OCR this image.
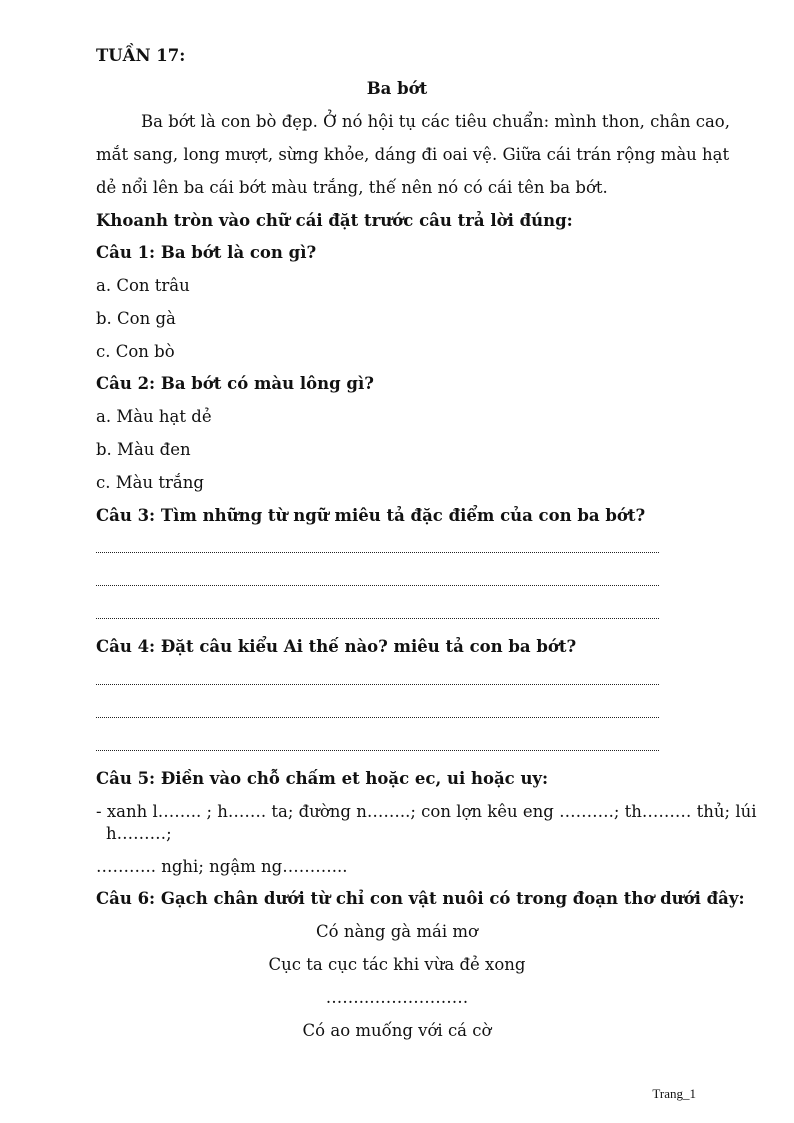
TUẦN 17:
Ba bớt
Ba bớt là con bò đẹp. Ở nó hội tụ các tiêu chuẩn: mình thon, chân cao,
mắt sang, long mượt, sừng khỏe, dáng đi oai vệ. Giữa cái trán rộng màu hạt
dẻ nổi lên ba cái bớt màu trắng, thế nên nó có cái tên ba bớt.
Khoanh tròn vào chữ cái đặt trước câu trả lời đúng:
Câu 1: Ba bớt là con gì?
a. Con trâu
b. Con gà
c. Con bò
Câu 2: Ba bớt có màu lông gì?
a. Màu hạt dẻ
b. Màu đen
c. Màu trắng
Câu 3: Tìm những từ ngữ miêu tả đặc điểm của con ba bớt?
Câu 4: Đặt câu kiểu Ai thế nào? miêu tả con ba bớt?
Câu 5: Điền vào chỗ chấm et hoặc ec, ui hoặc uy:
- xanh l…….. ; h……. ta; đường n……..; con lợn kêu eng ……….; th……… thủ; lúi
h………;
……….. nghi; ngậm ng………...
Câu 6: Gạch chân dưới từ chỉ con vật nuôi có trong đoạn thơ dưới đây:
Có nàng gà mái mơ
Cục ta cục tác khi vừa đẻ xong
……..………………
Có ao muống với cá cờ
Trang_1
